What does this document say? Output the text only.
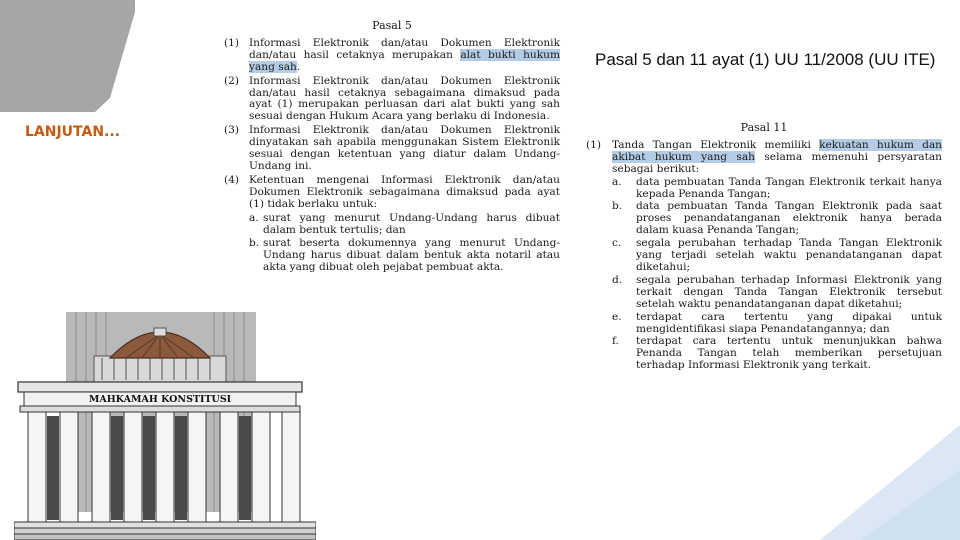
LANJUTAN...
Pasal 5
(1) Informasi Elektronik dan/atau Dokumen Elektronik dan/atau hasil cetaknya merupakan alat bukti hukum yang sah.
(2) Informasi Elektronik dan/atau Dokumen Elektronik dan/atau hasil cetaknya sebagaimana dimaksud pada ayat (1) merupakan perluasan dari alat bukti yang sah sesuai dengan Hukum Acara yang berlaku di Indonesia.
(3) Informasi Elektronik dan/atau Dokumen Elektronik dinyatakan sah apabila menggunakan Sistem Elektronik sesuai dengan ketentuan yang diatur dalam Undang-Undang ini.
(4) Ketentuan mengenai Informasi Elektronik dan/atau Dokumen Elektronik sebagaimana dimaksud pada ayat (1) tidak berlaku untuk:
a. surat yang menurut Undang-Undang harus dibuat dalam bentuk tertulis; dan
b. surat beserta dokumennya yang menurut Undang-Undang harus dibuat dalam bentuk akta notaril atau akta yang dibuat oleh pejabat pembuat akta.
Pasal 5 dan 11 ayat (1) UU 11/2008 (UU ITE)
Pasal 11
(1)	Tanda Tangan Elektronik memiliki kekuatan hukum dan akibat hukum yang sah selama memenuhi persyaratan sebagai berikut:
a.	data pembuatan Tanda Tangan Elektronik terkait hanya kepada Penanda Tangan;
b.	data pembuatan Tanda Tangan Elektronik pada saat proses penandatanganan elektronik hanya berada dalam kuasa Penanda Tangan;
c.	segala perubahan terhadap Tanda Tangan Elektronik yang terjadi setelah waktu penandatanganan dapat diketahui;
d.	segala perubahan terhadap Informasi Elektronik yang terkait dengan Tanda Tangan Elektronik tersebut setelah waktu penandatanganan dapat diketahui;
e.	terdapat cara tertentu yang dipakai untuk mengidentifikasi siapa Penandatangannya; dan
f.	terdapat cara tertentu untuk menunjukkan bahwa Penanda Tangan telah memberikan persetujuan terhadap Informasi Elektronik yang terkait.
MAHKAMAH KONSTITUSI
